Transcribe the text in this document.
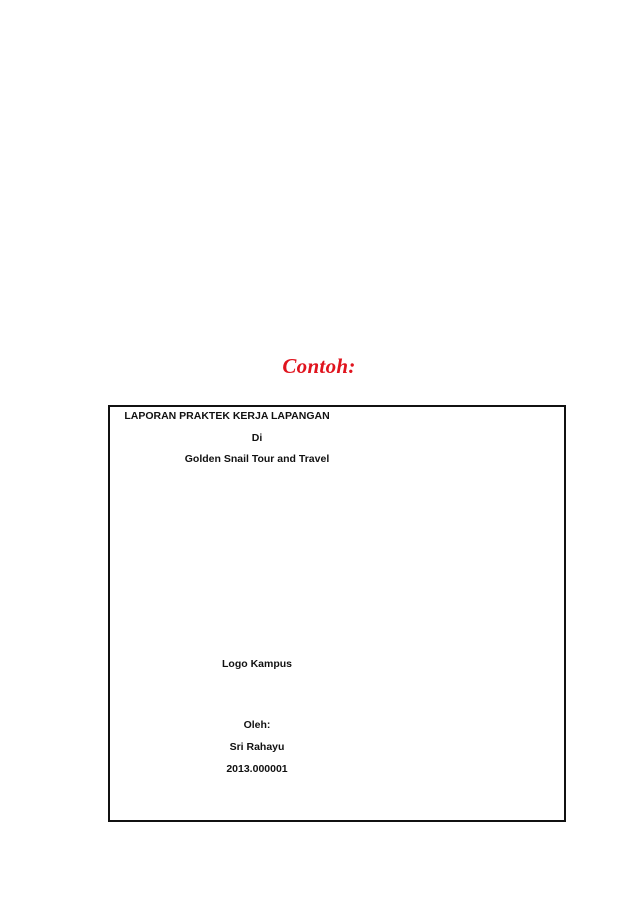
Contoh:
LAPORAN PRAKTEK KERJA LAPANGAN
Di
Golden Snail Tour and Travel
Logo Kampus
Oleh:
Sri Rahayu
2013.000001
